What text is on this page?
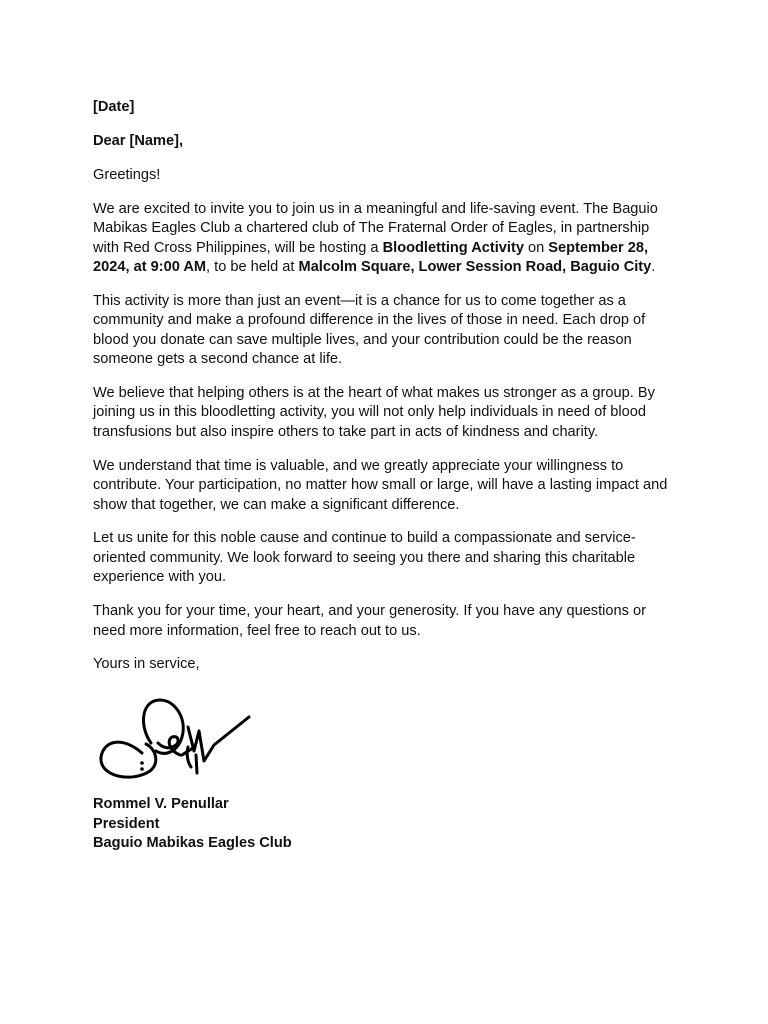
[Date]

Dear [Name],

Greetings!

We are excited to invite you to join us in a meaningful and life-saving event. The Baguio Mabikas Eagles Club a chartered club of The Fraternal Order of Eagles, in partnership with Red Cross Philippines, will be hosting a Bloodletting Activity on September 28, 2024, at 9:00 AM, to be held at Malcolm Square, Lower Session Road, Baguio City.

This activity is more than just an event—it is a chance for us to come together as a community and make a profound difference in the lives of those in need. Each drop of blood you donate can save multiple lives, and your contribution could be the reason someone gets a second chance at life.

We believe that helping others is at the heart of what makes us stronger as a group. By joining us in this bloodletting activity, you will not only help individuals in need of blood transfusions but also inspire others to take part in acts of kindness and charity.

We understand that time is valuable, and we greatly appreciate your willingness to contribute. Your participation, no matter how small or large, will have a lasting impact and show that together, we can make a significant difference.

Let us unite for this noble cause and continue to build a compassionate and service-oriented community. We look forward to seeing you there and sharing this charitable experience with you.

Thank you for your time, your heart, and your generosity. If you have any questions or need more information, feel free to reach out to us.

Yours in service,

Rommel V. Penullar
President
Baguio Mabikas Eagles Club
